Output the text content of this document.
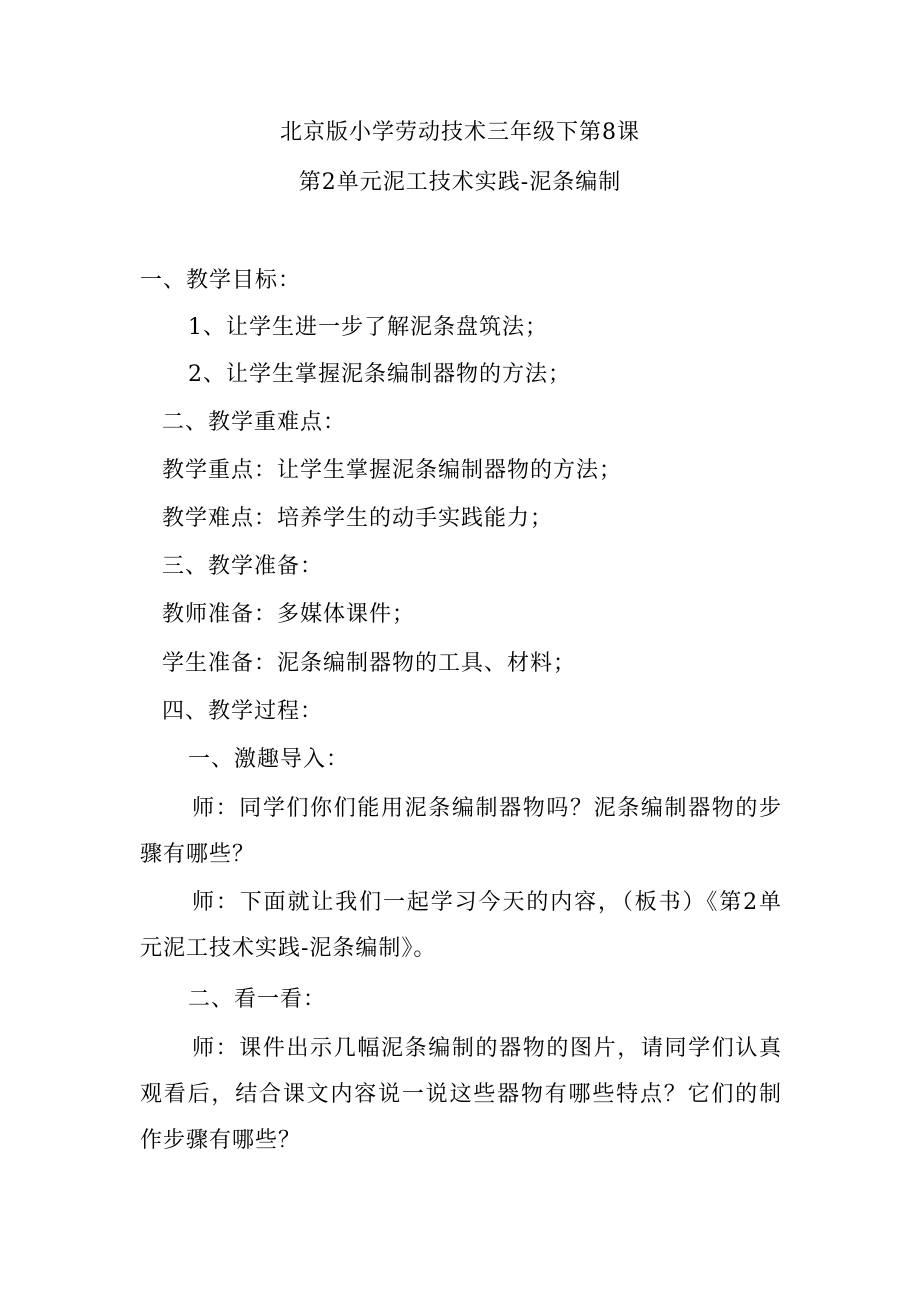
北京版小学劳动技术三年级下第8课
第2单元泥工技术实践-泥条编制
一、教学目标：
1、让学生进一步了解泥条盘筑法；
2、让学生掌握泥条编制器物的方法；
二、教学重难点：
教学重点：让学生掌握泥条编制器物的方法；
教学难点：培养学生的动手实践能力；
三、教学准备：
教师准备：多媒体课件；
学生准备：泥条编制器物的工具、材料；
四、教学过程：
一、激趣导入：
师：同学们你们能用泥条编制器物吗？泥条编制器物的步骤有哪些？
师：下面就让我们一起学习今天的内容，（板书）《第2单元泥工技术实践-泥条编制》。
二、看一看：
师：课件出示几幅泥条编制的器物的图片，请同学们认真观看后，结合课文内容说一说这些器物有哪些特点？它们的制作步骤有哪些？
